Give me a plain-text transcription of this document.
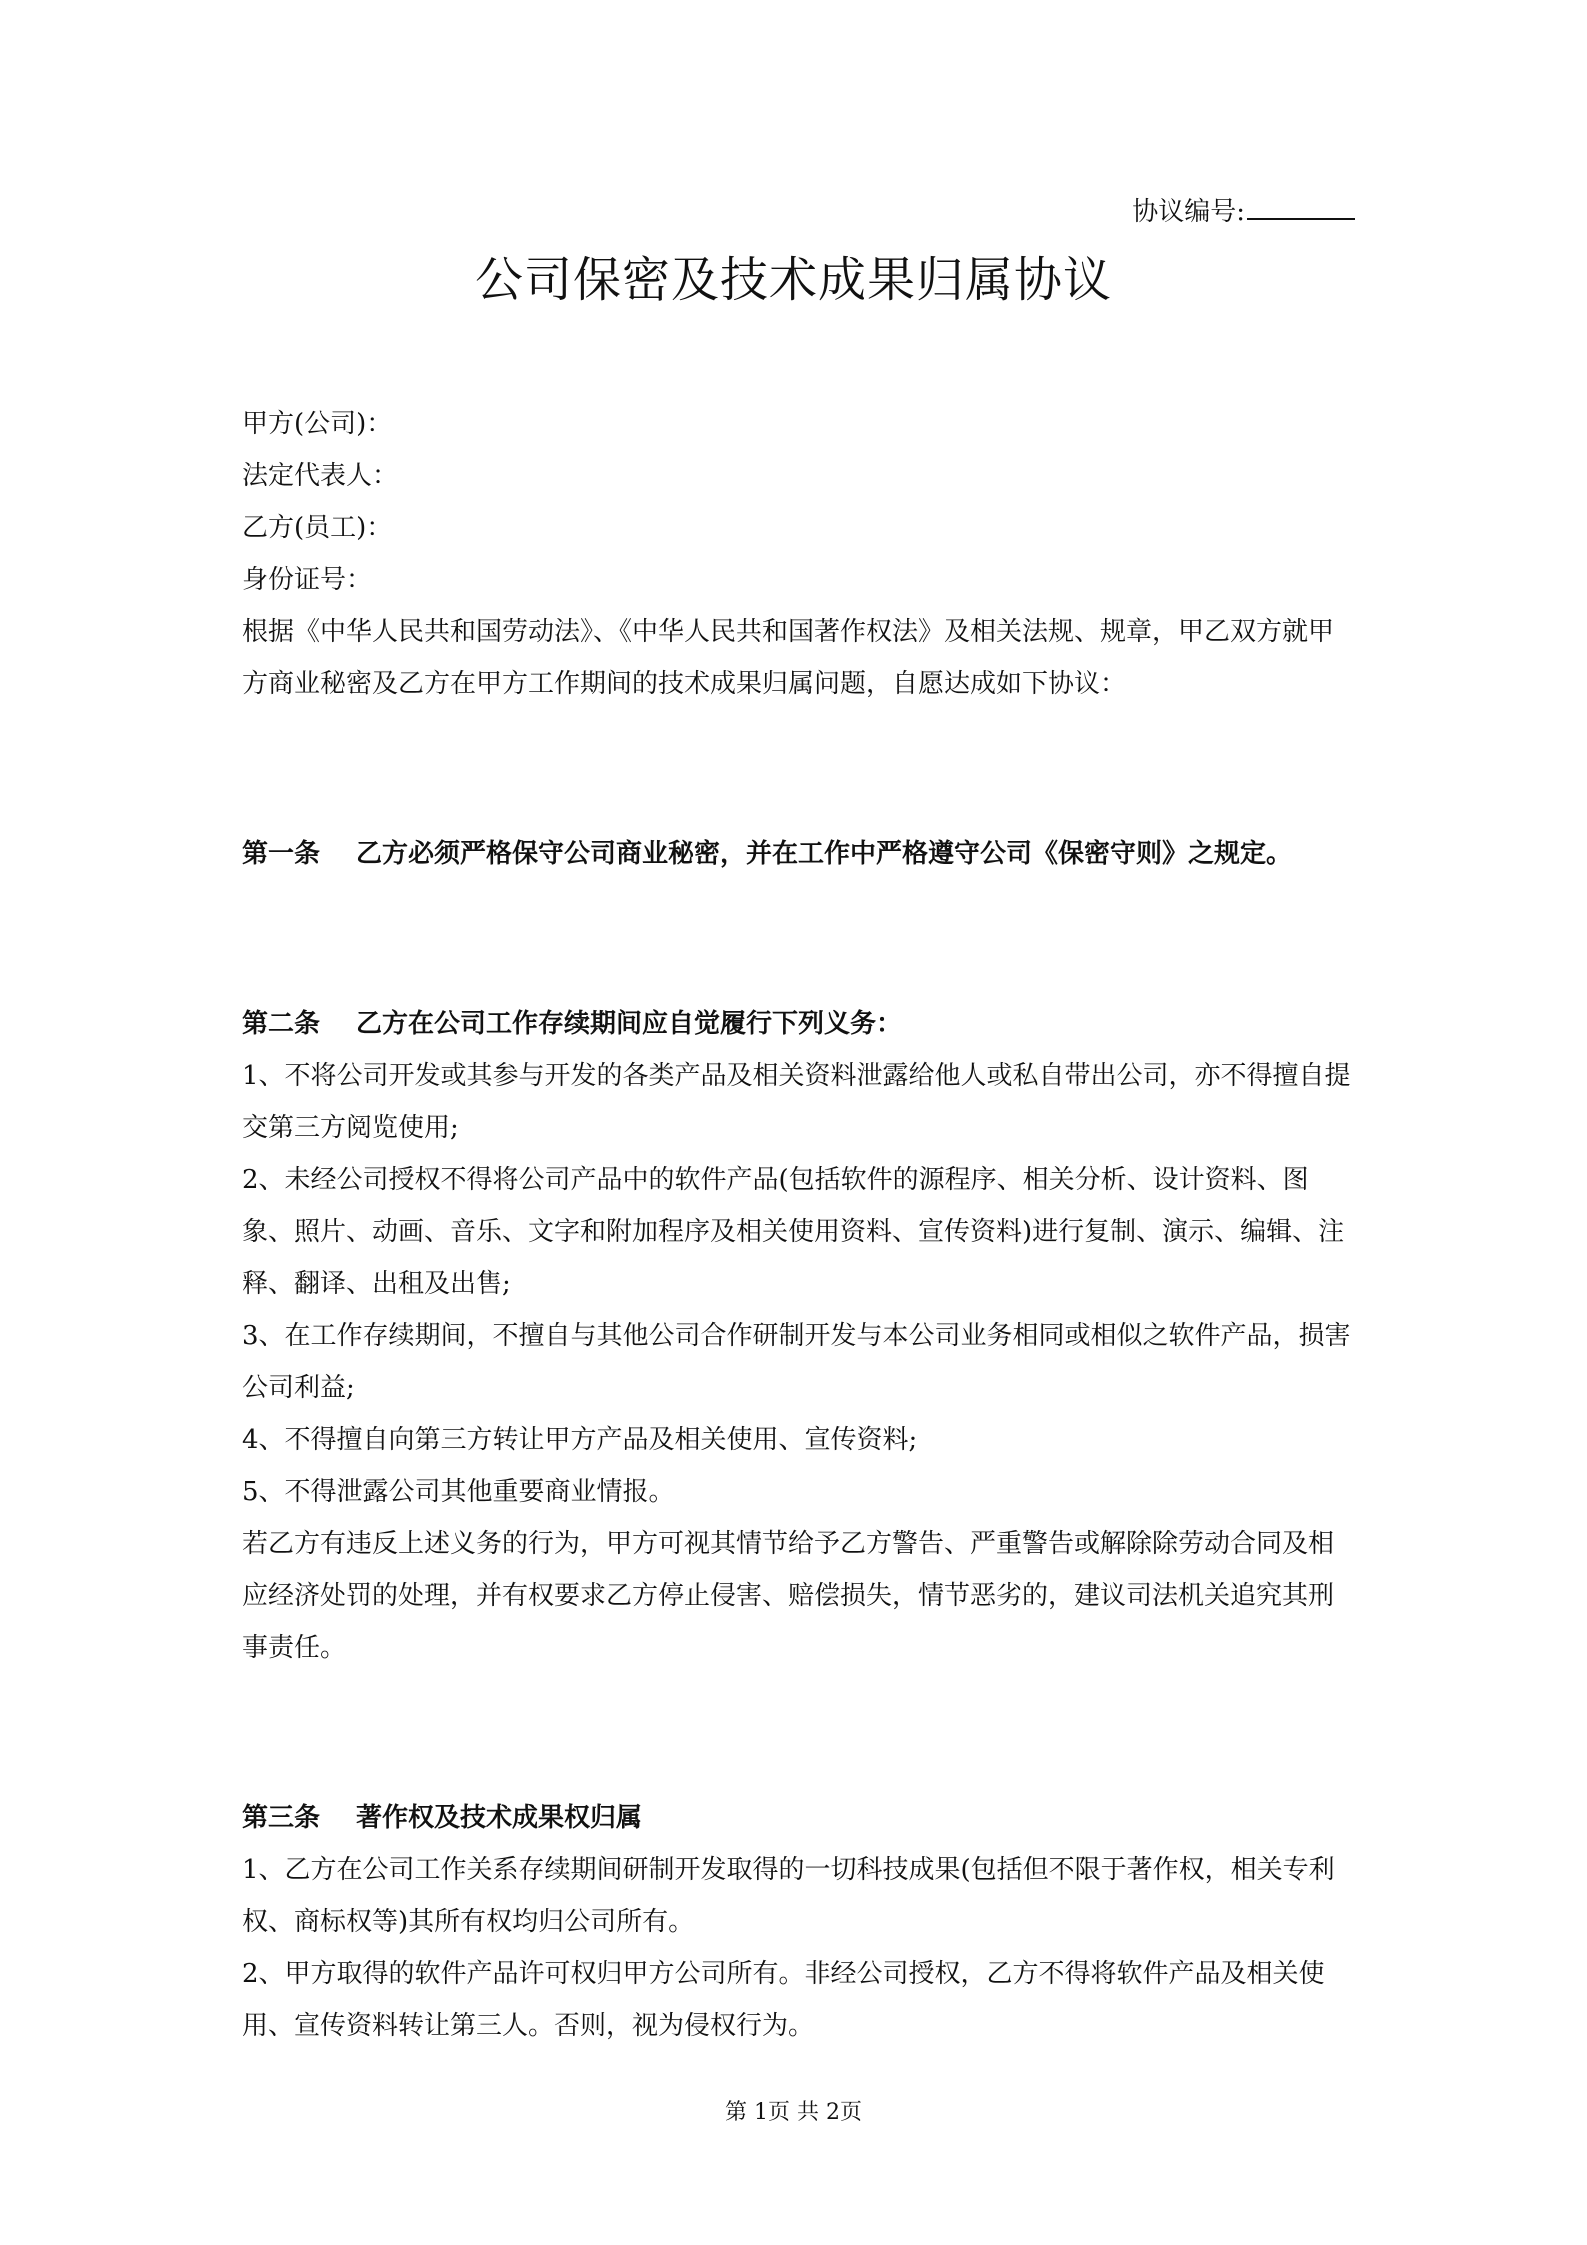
协议编号:
公司保密及技术成果归属协议

甲方(公司)：

法定代表人：

乙方(员工)：

身份证号：

根据《中华人民共和国劳动法》、《中华人民共和国著作权法》及相关法规、规章，甲乙双方就甲方商业秘密及乙方在甲方工作期间的技术成果归属问题，自愿达成如下协议：

第一条 乙方必须严格保守公司商业秘密，并在工作中严格遵守公司《保密守则》之规定。

第二条 乙方在公司工作存续期间应自觉履行下列义务：

1、不将公司开发或其参与开发的各类产品及相关资料泄露给他人或私自带出公司，亦不得擅自提交第三方阅览使用;

2、未经公司授权不得将公司产品中的软件产品(包括软件的源程序、相关分析、设计资料、图象、照片、动画、音乐、文字和附加程序及相关使用资料、宣传资料)进行复制、演示、编辑、注释、翻译、出租及出售;

3、在工作存续期间，不擅自与其他公司合作研制开发与本公司业务相同或相似之软件产品，损害公司利益;

4、不得擅自向第三方转让甲方产品及相关使用、宣传资料;

5、不得泄露公司其他重要商业情报。

若乙方有违反上述义务的行为，甲方可视其情节给予乙方警告、严重警告或解除除劳动合同及相应经济处罚的处理，并有权要求乙方停止侵害、赔偿损失，情节恶劣的，建议司法机关追究其刑事责任。

第三条 著作权及技术成果权归属

1、乙方在公司工作关系存续期间研制开发取得的一切科技成果(包括但不限于著作权，相关专利权、商标权等)其所有权均归公司所有。

2、甲方取得的软件产品许可权归甲方公司所有。非经公司授权，乙方不得将软件产品及相关使用、宣传资料转让第三人。否则，视为侵权行为。

第 1页 共 2页
